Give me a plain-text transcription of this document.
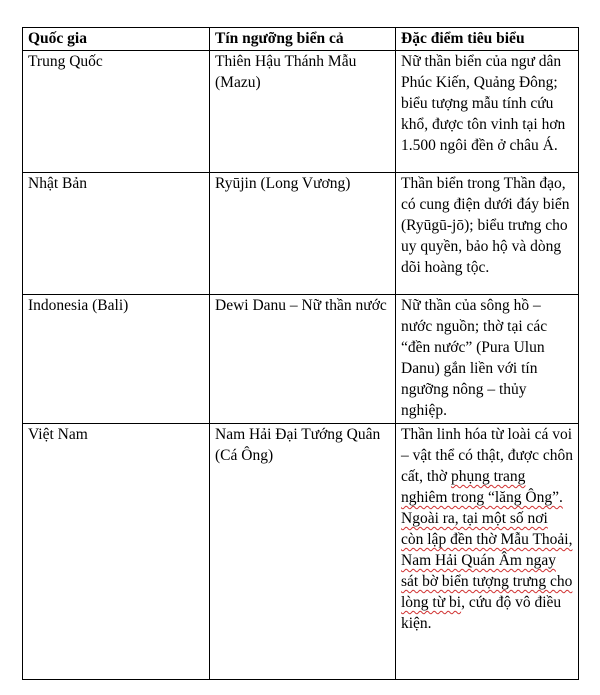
Quốc gia	Tín ngưỡng biển cả	Đặc điểm tiêu biểu
Trung Quốc	Thiên Hậu Thánh Mẫu (Mazu)	Nữ thần biển của ngư dân Phúc Kiến, Quảng Đông; biểu tượng mẫu tính cứu khổ, được tôn vinh tại hơn 1.500 ngôi đền ở châu Á.
Nhật Bản	Ryūjin (Long Vương)	Thần biển trong Thần đạo, có cung điện dưới đáy biển (Ryūgū-jō); biểu trưng cho uy quyền, bảo hộ và dòng dõi hoàng tộc.
Indonesia (Bali)	Dewi Danu – Nữ thần nước	Nữ thần của sông hồ – nước nguồn; thờ tại các “đền nước” (Pura Ulun Danu) gắn liền với tín ngưỡng nông – thủy nghiệp.
Việt Nam	Nam Hải Đại Tướng Quân (Cá Ông)	Thần linh hóa từ loài cá voi – vật thể có thật, được chôn cất, thờ phụng trang nghiêm trong “lăng Ông”. Ngoài ra, tại một số nơi còn lập đền thờ Mẫu Thoải, Nam Hải Quán Âm ngay sát bờ biển tượng trưng cho lòng từ bi, cứu độ vô điều kiện.
